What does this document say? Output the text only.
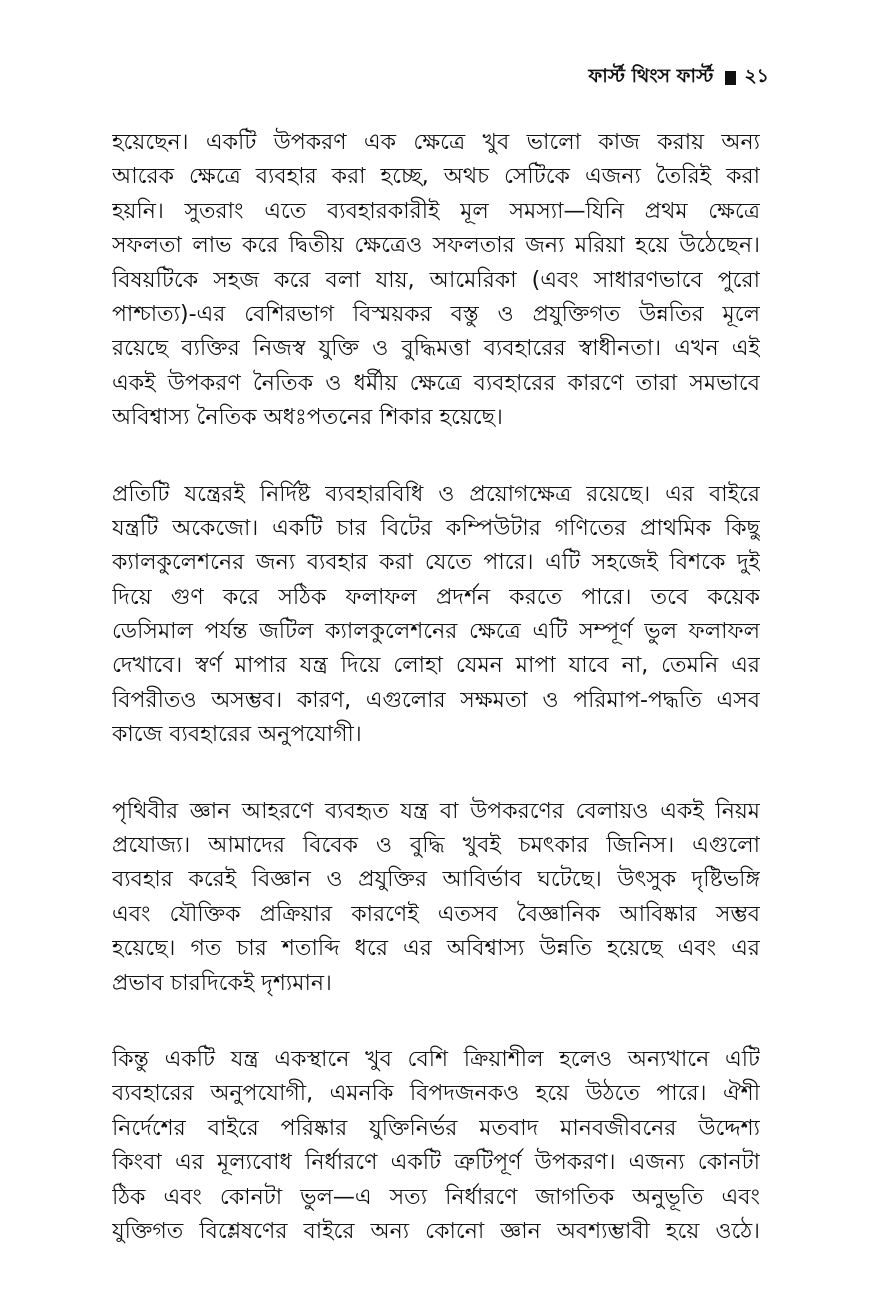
ফার্স্ট থিংস ফার্স্ট ২১

হয়েছেন। একটি উপকরণ এক ক্ষেত্রে খুব ভালো কাজ করায় অন্য
আরেক ক্ষেত্রে ব্যবহার করা হচ্ছে, অথচ সেটিকে এজন্য তৈরিই করা
হয়নি। সুতরাং এতে ব্যবহারকারীই মূল সমস্যা—যিনি প্রথম ক্ষেত্রে
সফলতা লাভ করে দ্বিতীয় ক্ষেত্রেও সফলতার জন্য মরিয়া হয়ে উঠেছেন।
বিষয়টিকে সহজ করে বলা যায়, আমেরিকা (এবং সাধারণভাবে পুরো
পাশ্চাত্য)-এর বেশিরভাগ বিস্ময়কর বস্তু ও প্রযুক্তিগত উন্নতির মূলে
রয়েছে ব্যক্তির নিজস্ব যুক্তি ও বুদ্ধিমত্তা ব্যবহারের স্বাধীনতা। এখন এই
একই উপকরণ নৈতিক ও ধর্মীয় ক্ষেত্রে ব্যবহারের কারণে তারা সমভাবে
অবিশ্বাস্য নৈতিক অধঃপতনের শিকার হয়েছে।

প্রতিটি যন্ত্রেরই নির্দিষ্ট ব্যবহারবিধি ও প্রয়োগক্ষেত্র রয়েছে। এর বাইরে
যন্ত্রটি অকেজো। একটি চার বিটের কম্পিউটার গণিতের প্রাথমিক কিছু
ক্যালকুলেশনের জন্য ব্যবহার করা যেতে পারে। এটি সহজেই বিশকে দুই
দিয়ে গুণ করে সঠিক ফলাফল প্রদর্শন করতে পারে। তবে কয়েক
ডেসিমাল পর্যন্ত জটিল ক্যালকুলেশনের ক্ষেত্রে এটি সম্পূর্ণ ভুল ফলাফল
দেখাবে। স্বর্ণ মাপার যন্ত্র দিয়ে লোহা যেমন মাপা যাবে না, তেমনি এর
বিপরীতও অসম্ভব। কারণ, এগুলোর সক্ষমতা ও পরিমাপ-পদ্ধতি এসব
কাজে ব্যবহারের অনুপযোগী।

পৃথিবীর জ্ঞান আহরণে ব্যবহৃত যন্ত্র বা উপকরণের বেলায়ও একই নিয়ম
প্রযোজ্য। আমাদের বিবেক ও বুদ্ধি খুবই চমৎকার জিনিস। এগুলো
ব্যবহার করেই বিজ্ঞান ও প্রযুক্তির আবির্ভাব ঘটেছে। উৎসুক দৃষ্টিভঙ্গি
এবং যৌক্তিক প্রক্রিয়ার কারণেই এতসব বৈজ্ঞানিক আবিষ্কার সম্ভব
হয়েছে। গত চার শতাব্দি ধরে এর অবিশ্বাস্য উন্নতি হয়েছে এবং এর
প্রভাব চারদিকেই দৃশ্যমান।

কিন্তু একটি যন্ত্র একস্থানে খুব বেশি ক্রিয়াশীল হলেও অন্যখানে এটি
ব্যবহারের অনুপযোগী, এমনকি বিপদজনকও হয়ে উঠতে পারে। ঐশী
নির্দেশের বাইরে পরিষ্কার যুক্তিনির্ভর মতবাদ মানবজীবনের উদ্দেশ্য
কিংবা এর মূল্যবোধ নির্ধারণে একটি ত্রুটিপূর্ণ উপকরণ। এজন্য কোনটা
ঠিক এবং কোনটা ভুল—এ সত্য নির্ধারণে জাগতিক অনুভূতি এবং
যুক্তিগত বিশ্লেষণের বাইরে অন্য কোনো জ্ঞান অবশ্যম্ভাবী হয়ে ওঠে।
